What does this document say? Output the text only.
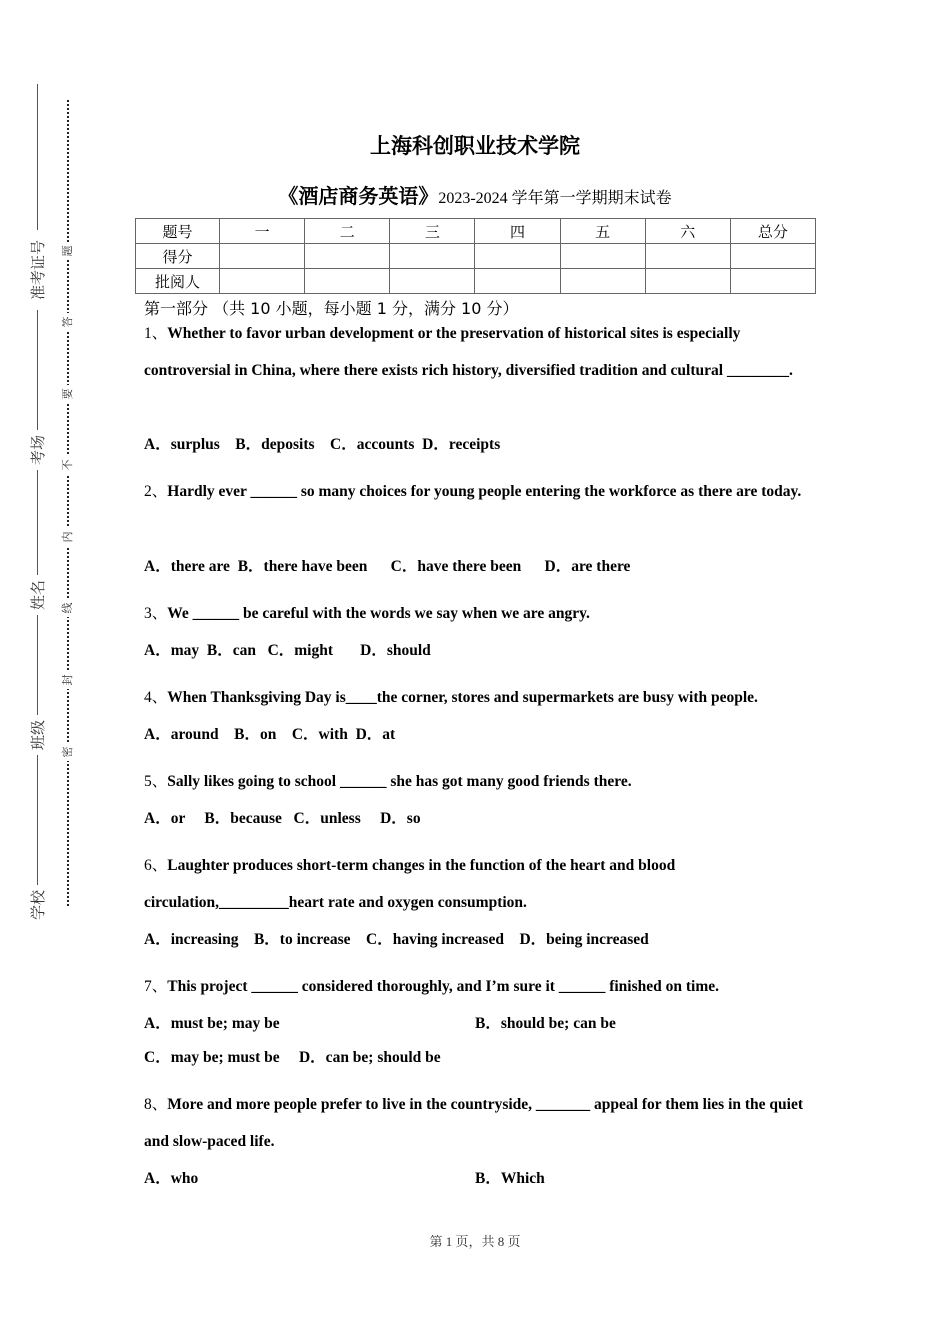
准考证号
考场
姓名
班级
学校
题
答
要
不
内
线
封
密
上海科创职业技术学院
《酒店商务英语》2023-2024 学年第一学期期末试卷
题号	一	二	三	四	五	六	总分
得分							
批阅人							
第一部分 （共 10 小题，每小题 1 分，满分 10 分）
1、Whether to favor urban development or the preservation of historical sites is especially controversial in China, where there exists rich history, diversified tradition and cultural ________.
A．surplus    B．deposits    C．accounts  D．receipts
2、Hardly ever ______ so many choices for young people entering the workforce as there are today.
A．there are  B．there have been      C．have there been      D．are there
3、We ______ be careful with the words we say when we are angry.
A．may  B．can   C．might       D．should
4、When Thanksgiving Day is____the corner, stores and supermarkets are busy with people.
A．around    B．on    C．with  D．at
5、Sally likes going to school ______ she has got many good friends there.
A．or     B．because   C．unless     D．so
6、Laughter produces short-term changes in the function of the heart and blood circulation,_________heart rate and oxygen consumption.
A．increasing    B．to increase    C．having increased    D．being increased
7、This project ______ considered thoroughly, and I’m sure it ______ finished on time.
A．must be; may be	B．should be; can be
C．may be; must be     D．can be; should be
8、More and more people prefer to live in the countryside, _______ appeal for them lies in the quiet and slow-paced life.
A．who	B．Which
第 1 页，共 8 页
